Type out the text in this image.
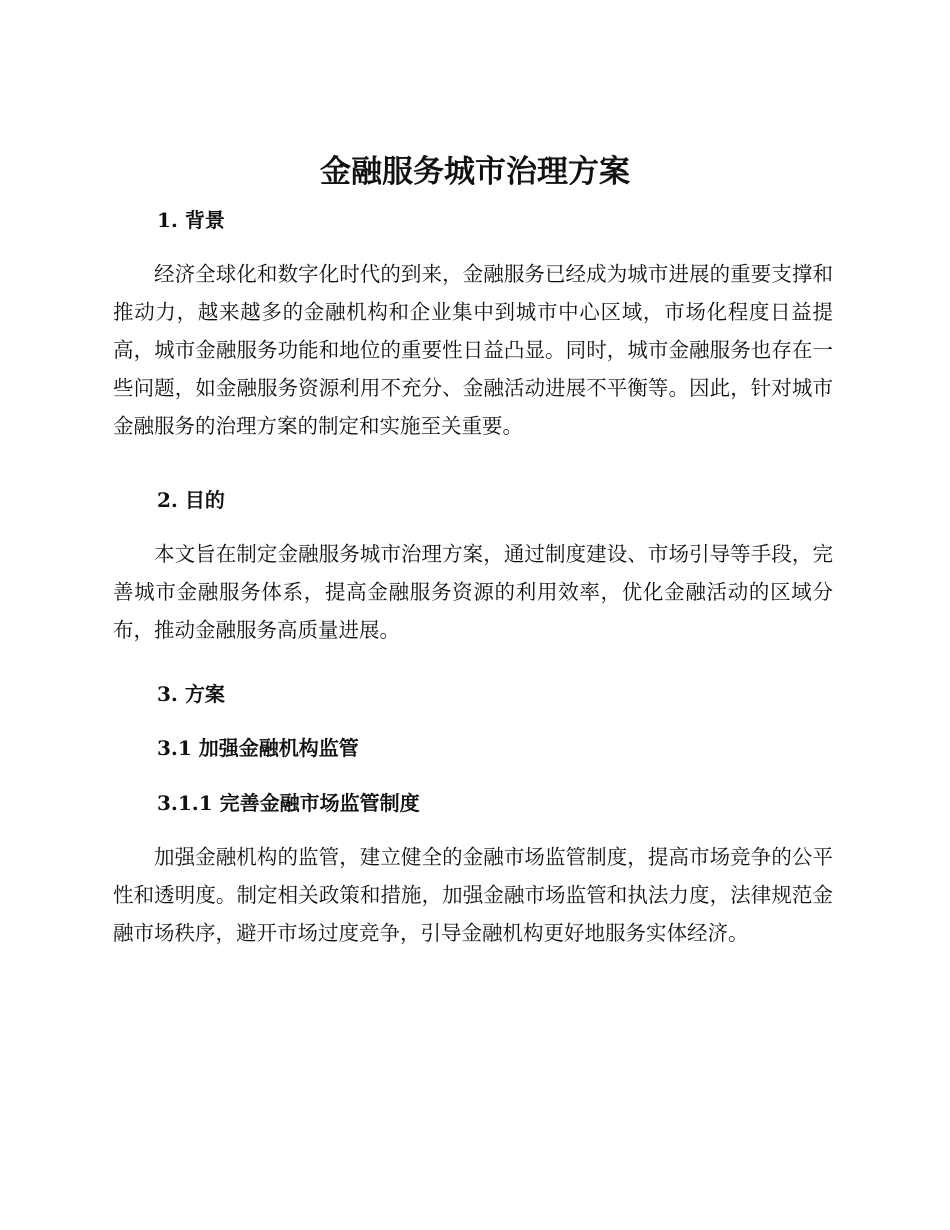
金融服务城市治理方案
1. 背景

经济全球化和数字化时代的到来，金融服务已经成为城市进展的重要支撑和推动力，越来越多的金融机构和企业集中到城市中心区域，市场化程度日益提高，城市金融服务功能和地位的重要性日益凸显。同时，城市金融服务也存在一些问题，如金融服务资源利用不充分、金融活动进展不平衡等。因此，针对城市金融服务的治理方案的制定和实施至关重要。

2. 目的

本文旨在制定金融服务城市治理方案，通过制度建设、市场引导等手段，完善城市金融服务体系，提高金融服务资源的利用效率，优化金融活动的区域分布，推动金融服务高质量进展。

3. 方案
3.1 加强金融机构监管
3.1.1 完善金融市场监管制度

加强金融机构的监管，建立健全的金融市场监管制度，提高市场竞争的公平性和透明度。制定相关政策和措施，加强金融市场监管和执法力度，法律规范金融市场秩序，避开市场过度竞争，引导金融机构更好地服务实体经济。
